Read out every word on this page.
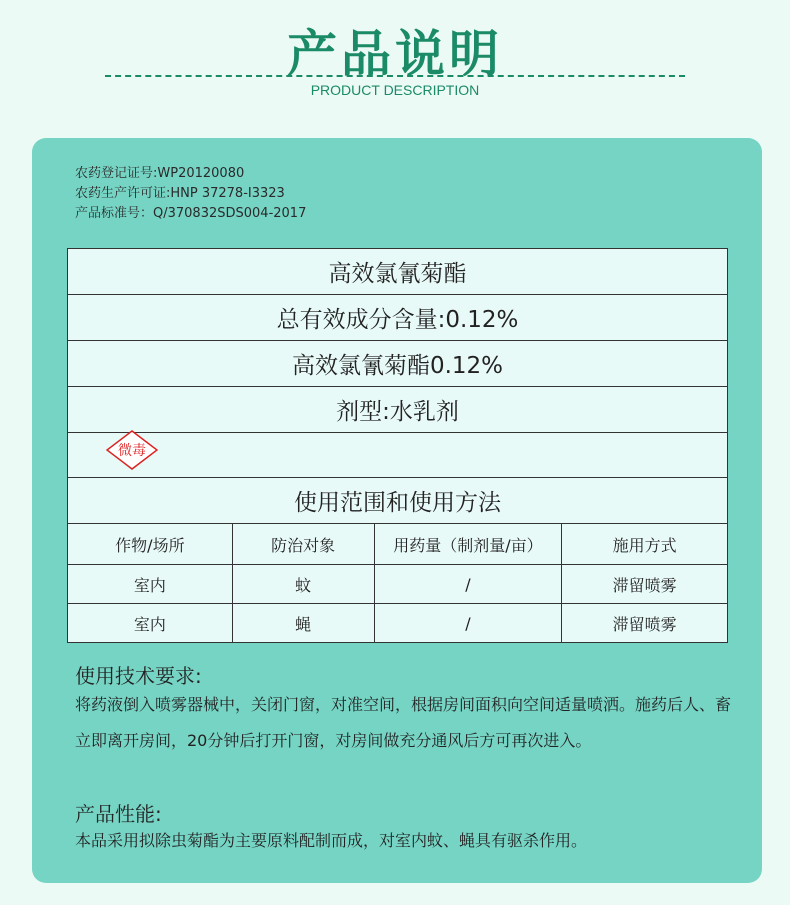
产品说明
PRODUCT DESCRIPTION
农药登记证号:WP20120080
农药生产许可证:HNP 37278-I3323
产品标准号：Q/370832SDS004-2017
高效氯氰菊酯			
总有效成分含量:0.12%			
高效氯氰菊酯0.12%			
剂型:水乳剂			

微毒			

使用范围和使用方法			
作物/场所	防治对象	用药量（制剂量/亩）	施用方式
室内	蚊	/	滞留喷雾
室内	蝇	/	滞留喷雾
使用技术要求:
将药液倒入喷雾器械中，关闭门窗，对准空间，根据房间面积向空间适量喷洒。施药后人、畜立即离开房间，20分钟后打开门窗，对房间做充分通风后方可再次进入。
产品性能:
本品采用拟除虫菊酯为主要原料配制而成，对室内蚊、蝇具有驱杀作用。
